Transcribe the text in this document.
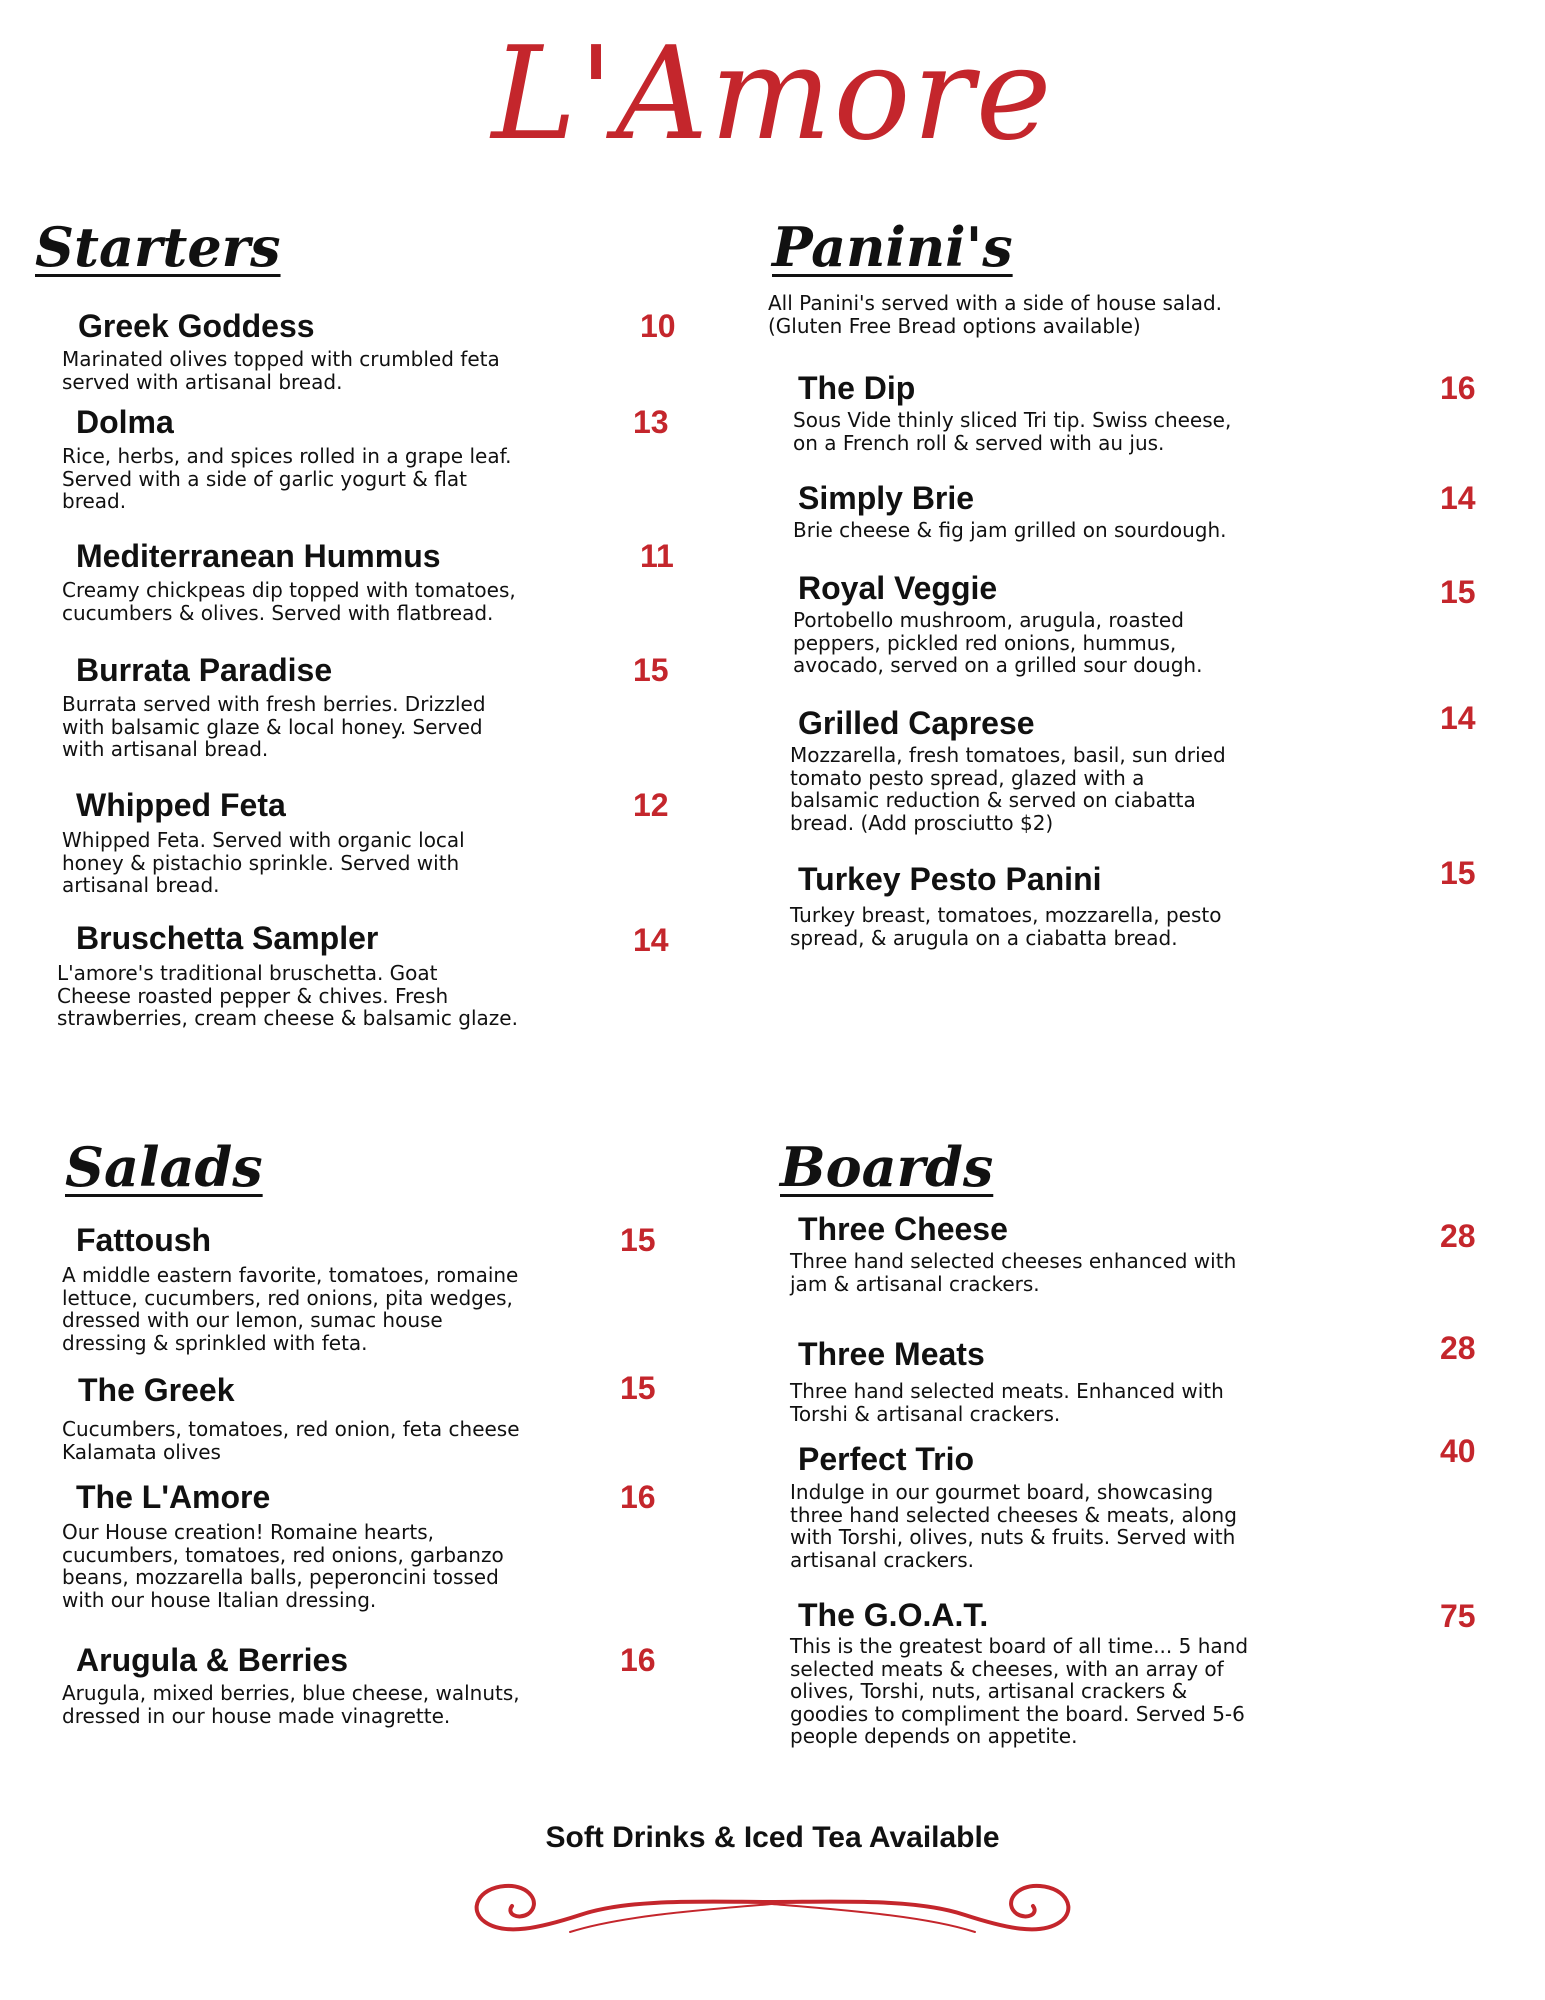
L'Amore
Starters
Greek Goddess	10
Marinated olives topped with crumbled feta
served with artisanal bread.
Dolma	13
Rice, herbs, and spices rolled in a grape leaf.
Served with a side of garlic yogurt & flat
bread.
Mediterranean Hummus	11
Creamy chickpeas dip topped with tomatoes,
cucumbers & olives. Served with flatbread.
Burrata Paradise	15
Burrata served with fresh berries. Drizzled
with balsamic glaze & local honey. Served
with artisanal bread.
Whipped Feta	12
Whipped Feta. Served with organic local
honey & pistachio sprinkle. Served with
artisanal bread.
Bruschetta Sampler	14
L'amore's traditional bruschetta. Goat
Cheese roasted pepper & chives. Fresh
strawberries, cream cheese & balsamic glaze.
Panini's
All Panini's served with a side of house salad.
(Gluten Free Bread options available)
The Dip	16
Sous Vide thinly sliced Tri tip. Swiss cheese,
on a French roll & served with au jus.
Simply Brie	14
Brie cheese & fig jam grilled on sourdough.
Royal Veggie	15
Portobello mushroom, arugula, roasted
peppers, pickled red onions, hummus,
avocado, served on a grilled sour dough.
Grilled Caprese	14
Mozzarella, fresh tomatoes, basil, sun dried
tomato pesto spread, glazed with a
balsamic reduction & served on ciabatta
bread. (Add prosciutto $2)
Turkey Pesto Panini	15
Turkey breast, tomatoes, mozzarella, pesto
spread, & arugula on a ciabatta bread.
Salads
Fattoush	15
A middle eastern favorite, tomatoes, romaine
lettuce, cucumbers, red onions, pita wedges,
dressed with our lemon, sumac house
dressing & sprinkled with feta.
The Greek	15
Cucumbers, tomatoes, red onion, feta cheese
Kalamata olives
The L'Amore	16
Our House creation! Romaine hearts,
cucumbers, tomatoes, red onions, garbanzo
beans, mozzarella balls, peperoncini tossed
with our house Italian dressing.
Arugula & Berries	16
Arugula, mixed berries, blue cheese, walnuts,
dressed in our house made vinagrette.
Boards
Three Cheese	28
Three hand selected cheeses enhanced with
jam & artisanal crackers.
Three Meats	28
Three hand selected meats. Enhanced with
Torshi & artisanal crackers.
Perfect Trio	40
Indulge in our gourmet board, showcasing
three hand selected cheeses & meats, along
with Torshi, olives, nuts & fruits. Served with
artisanal crackers.
The G.O.A.T.	75
This is the greatest board of all time... 5 hand
selected meats & cheeses, with an array of
olives, Torshi, nuts, artisanal crackers &
goodies to compliment the board. Served 5-6
people depends on appetite.
Soft Drinks & Iced Tea Available
